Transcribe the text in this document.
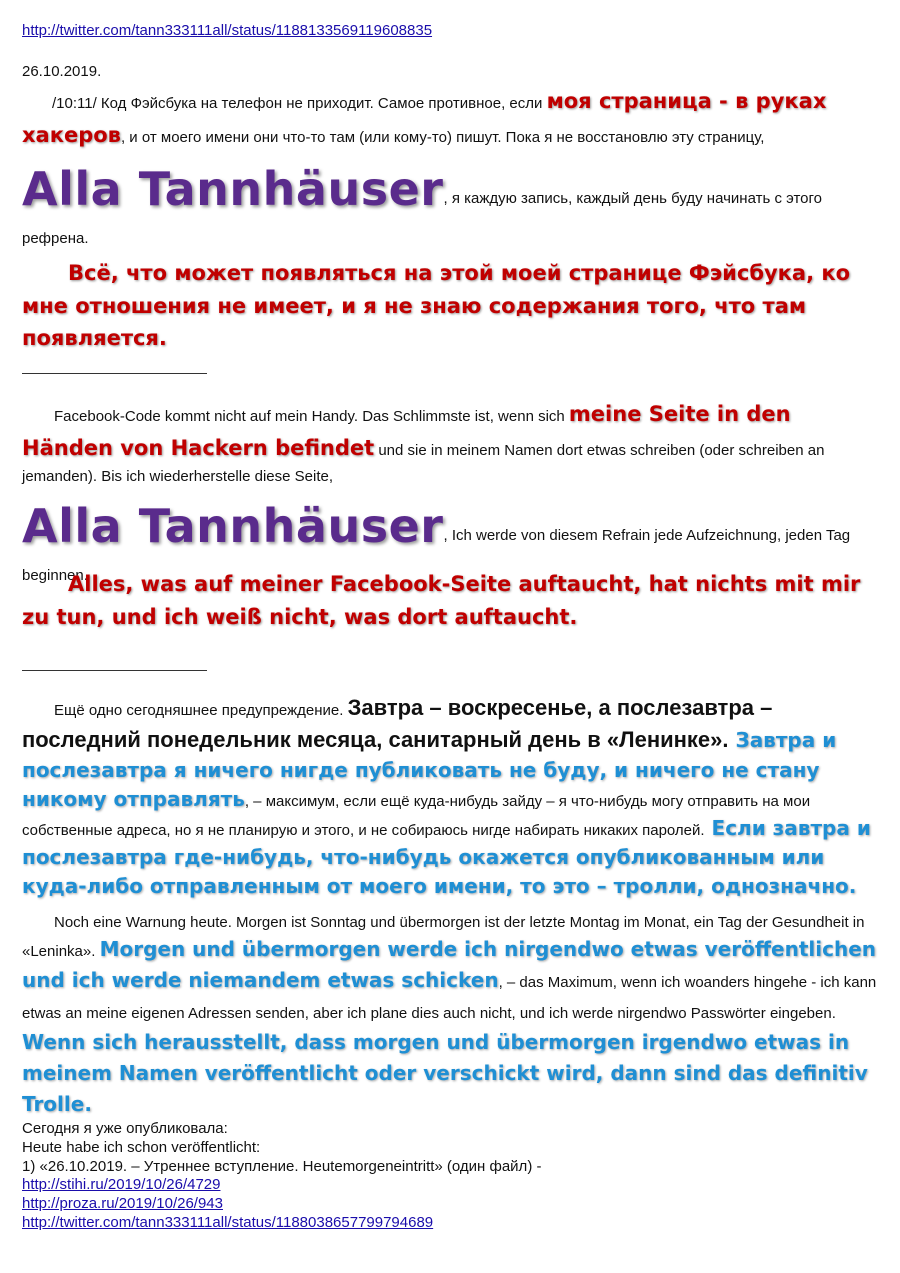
http://twitter.com/tann333111all/status/1188133569119608835
26.10.2019.
/10:11/ Код Фэйсбука на телефон не приходит. Самое противное, если моя страница - в руках хакеров, и от моего имени они что-то там (или кому-то) пишут. Пока я не восстановлю эту страницу,
Alla Tannhäuser, я каждую запись, каждый день буду начинать с этого рефрена.
Всё, что может появляться на этой моей странице Фэйсбука, ко мне отношения не имеет, и я не знаю содержания того, что там появляется.
Facebook-Code kommt nicht auf mein Handy. Das Schlimmste ist, wenn sich meine Seite in den Händen von Hackern befindet und sie in meinem Namen dort etwas schreiben (oder schreiben an jemanden). Bis ich wiederherstelle diese Seite,
Alla Tannhäuser, Ich werde von diesem Refrain jede Aufzeichnung, jeden Tag beginnen.
Alles, was auf meiner Facebook-Seite auftaucht, hat nichts mit mir zu tun, und ich weiß nicht, was dort auftaucht.
Ещё одно сегодняшнее предупреждение. Завтра – воскресенье, а послезавтра – последний понедельник месяца, санитарный день в «Ленинке». Завтра и послезавтра я ничего нигде публиковать не буду, и ничего не стану никому отправлять, – максимум, если ещё куда-нибудь зайду – я что-нибудь могу отправить на мои собственные адреса, но я не планирую и этого, и не собираюсь нигде набирать никаких паролей. Если завтра и послезавтра где-нибудь, что-нибудь окажется опубликованным или куда-либо отправленным от моего имени, то это – тролли, однозначно.
Noch eine Warnung heute. Morgen ist Sonntag und übermorgen ist der letzte Montag im Monat, ein Tag der Gesundheit in «Leninka». Morgen und übermorgen werde ich nirgendwo etwas veröffentlichen und ich werde niemandem etwas schicken, – das Maximum, wenn ich woanders hingehe - ich kann etwas an meine eigenen Adressen senden, aber ich plane dies auch nicht, und ich werde nirgendwo Passwörter eingeben. Wenn sich herausstellt, dass morgen und übermorgen irgendwo etwas in meinem Namen veröffentlicht oder verschickt wird, dann sind das definitiv Trolle.
Сегодня я уже опубликовала:
Heute habe ich schon veröffentlicht:
1) «26.10.2019. – Утреннее вступление. Heutemorgeneintritt» (один файл) -
http://stihi.ru/2019/10/26/4729
http://proza.ru/2019/10/26/943
http://twitter.com/tann333111all/status/1188038657799794689
